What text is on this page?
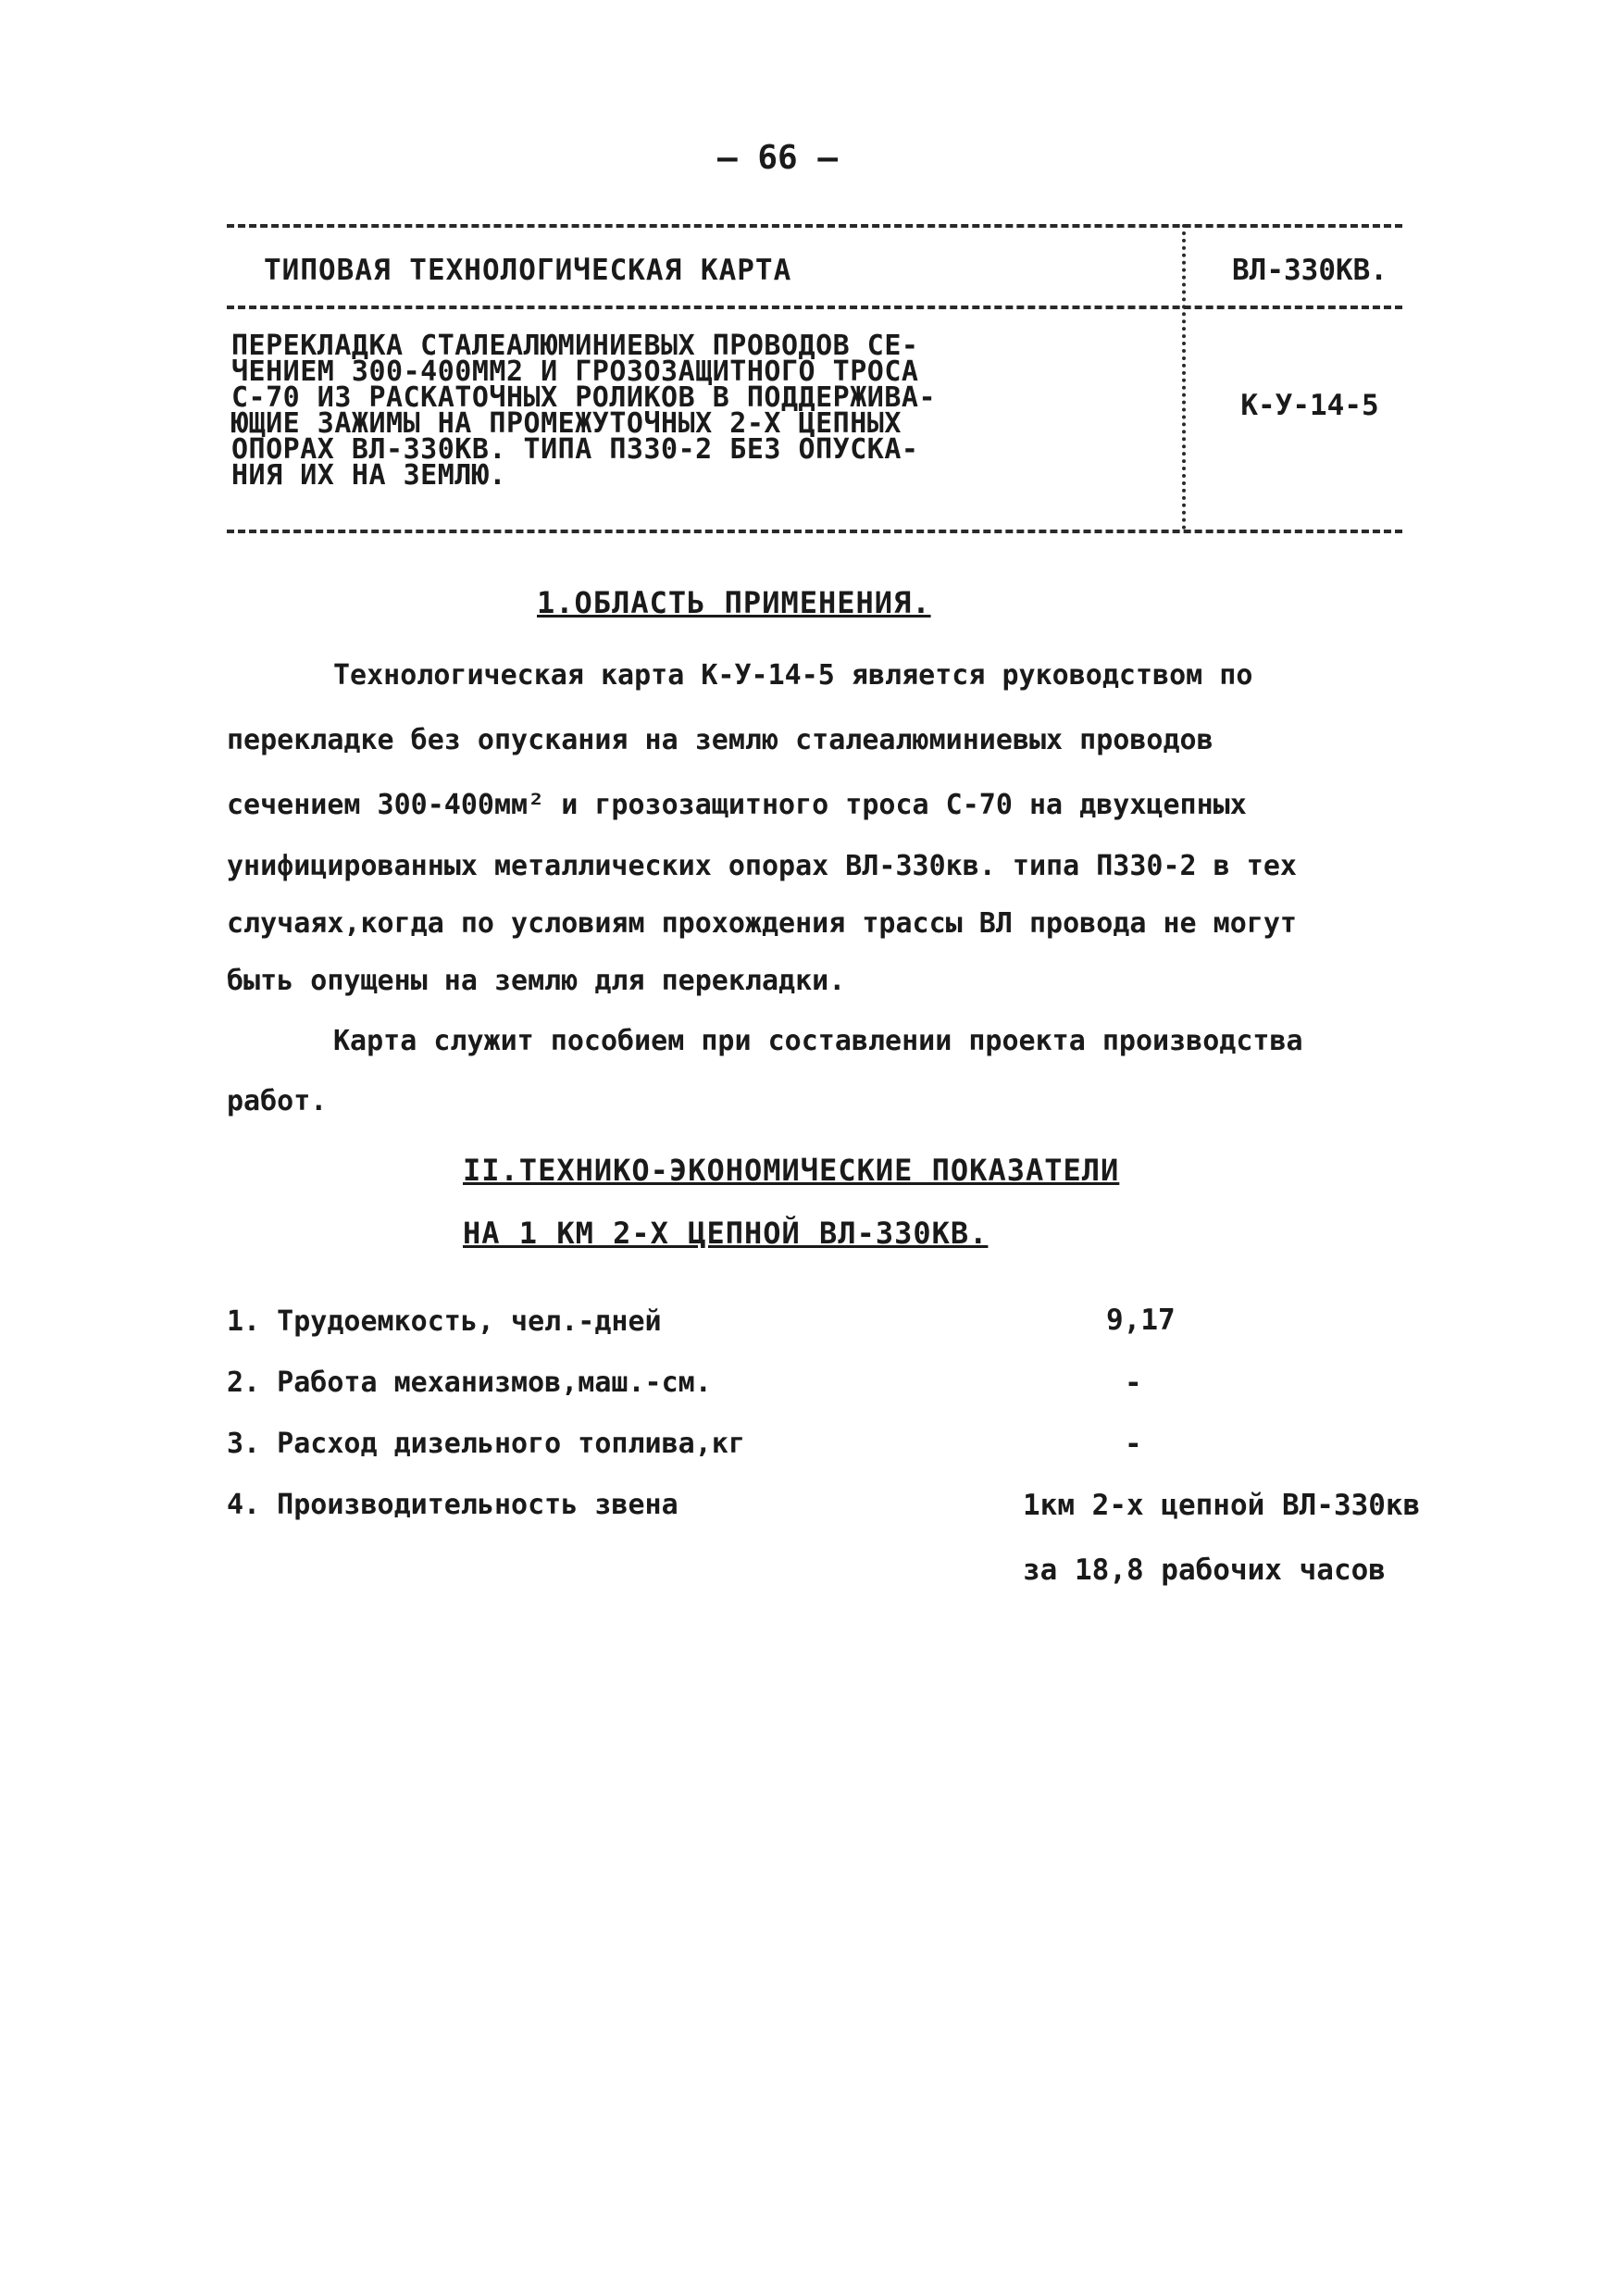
– 66 –
ТИПОВАЯ ТЕХНОЛОГИЧЕСКАЯ КАРТА	ВЛ-330КВ.
ПЕРЕКЛАДКА СТАЛЕАЛЮМИНИЕВЫХ ПРОВОДОВ СЕ-
ЧЕНИЕМ 300-400ММ2 И ГРОЗОЗАЩИТНОГО ТРОСА
С-70 ИЗ РАСКАТОЧНЫХ РОЛИКОВ В ПОДДЕРЖИВА-
ЮЩИЕ ЗАЖИМЫ НА ПРОМЕЖУТОЧНЫХ 2-Х ЦЕПНЫХ
ОПОРАХ ВЛ-330КВ. ТИПА П330-2 БЕЗ ОПУСКА-
НИЯ ИХ НА ЗЕМЛЮ.
К-У-14-5
1.ОБЛАСТЬ ПРИМЕНЕНИЯ.
Технологическая карта К-У-14-5 является руководством по
перекладке без опускания на землю сталеалюминиевых проводов
сечением 300-400мм² и грозозащитного троса С-70 на двухцепных
унифицированных металлических опорах ВЛ-330кв. типа П330-2 в тех
случаях,когда по условиям прохождения трассы ВЛ провода не могут
быть опущены на землю для перекладки.
Карта служит пособием при составлении проекта производства
работ.
II.ТЕХНИКО-ЭКОНОМИЧЕСКИЕ ПОКАЗАТЕЛИ
НА 1 КМ 2-Х ЦЕПНОЙ ВЛ-330КВ.
1. Трудоемкость, чел.-дней	9,17
2. Работа механизмов,маш.-см.	-
3. Расход дизельного топлива,кг	-
4. Производительность звена	1км 2-х цепной ВЛ-330кв
за 18,8 рабочих часов
